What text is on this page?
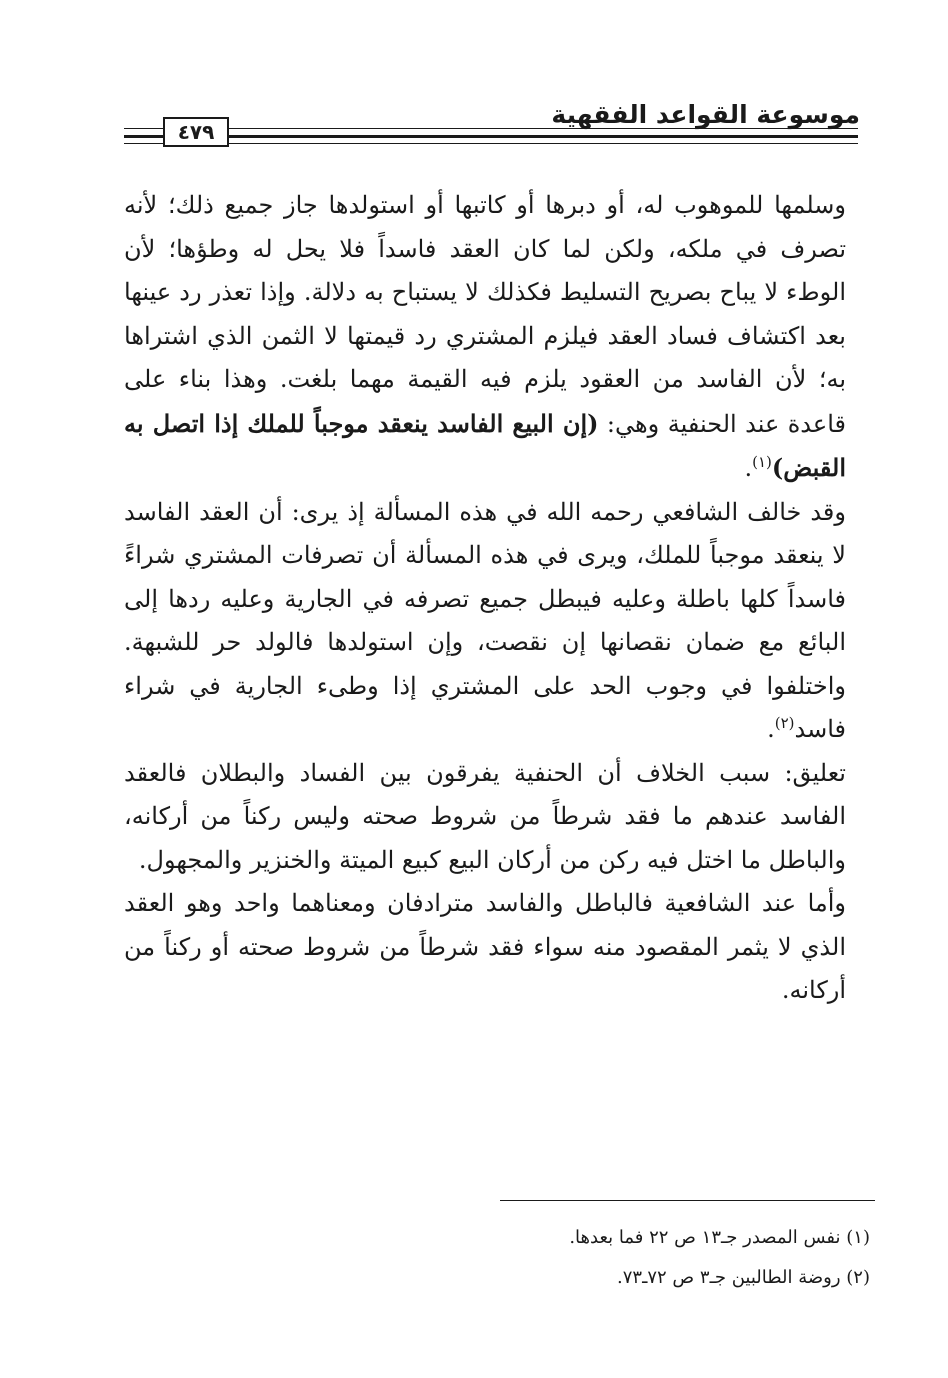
موسوعة القواعد الفقهية
٤٧٩

وسلمها للموهوب له، أو دبرها أو كاتبها أو استولدها جاز جميع ذلك؛ لأنه تصرف في ملكه، ولكن لما كان العقد فاسداً فلا يحل له وطؤها؛ لأن الوطء لا يباح بصريح التسليط فكذلك لا يستباح به دلالة. وإذا تعذر رد عينها بعد اكتشاف فساد العقد فيلزم المشتري رد قيمتها لا الثمن الذي اشتراها به؛ لأن الفاسد من العقود يلزم فيه القيمة مهما بلغت. وهذا بناء على قاعدة عند الحنفية وهي: (إن البيع الفاسد ينعقد موجباً للملك إذا اتصل به القبض)$^{(١)}$.

وقد خالف الشافعي رحمه الله في هذه المسألة إذ يرى: أن العقد الفاسد لا ينعقد موجباً للملك، ويرى في هذه المسألة أن تصرفات المشتري شراءً فاسداً كلها باطلة وعليه فيبطل جميع تصرفه في الجارية وعليه ردها إلى البائع مع ضمان نقصانها إن نقصت، وإن استولدها فالولد حر للشبهة. واختلفوا في وجوب الحد على المشتري إذا وطىء الجارية في شراء فاسد$^{(٢)}$.

تعليق: سبب الخلاف أن الحنفية يفرقون بين الفساد والبطلان فالعقد الفاسد عندهم ما فقد شرطاً من شروط صحته وليس ركناً من أركانه، والباطل ما اختل فيه ركن من أركان البيع كبيع الميتة والخنزير والمجهول.

وأما عند الشافعية فالباطل والفاسد مترادفان ومعناهما واحد وهو العقد الذي لا يثمر المقصود منه سواء فقد شرطاً من شروط صحته أو ركناً من أركانه.

(١) نفس المصدر جـ١٣ ص ٢٢ فما بعدها.

(٢) روضة الطالبين جـ٣ ص ٧٢ـ٧٣.
